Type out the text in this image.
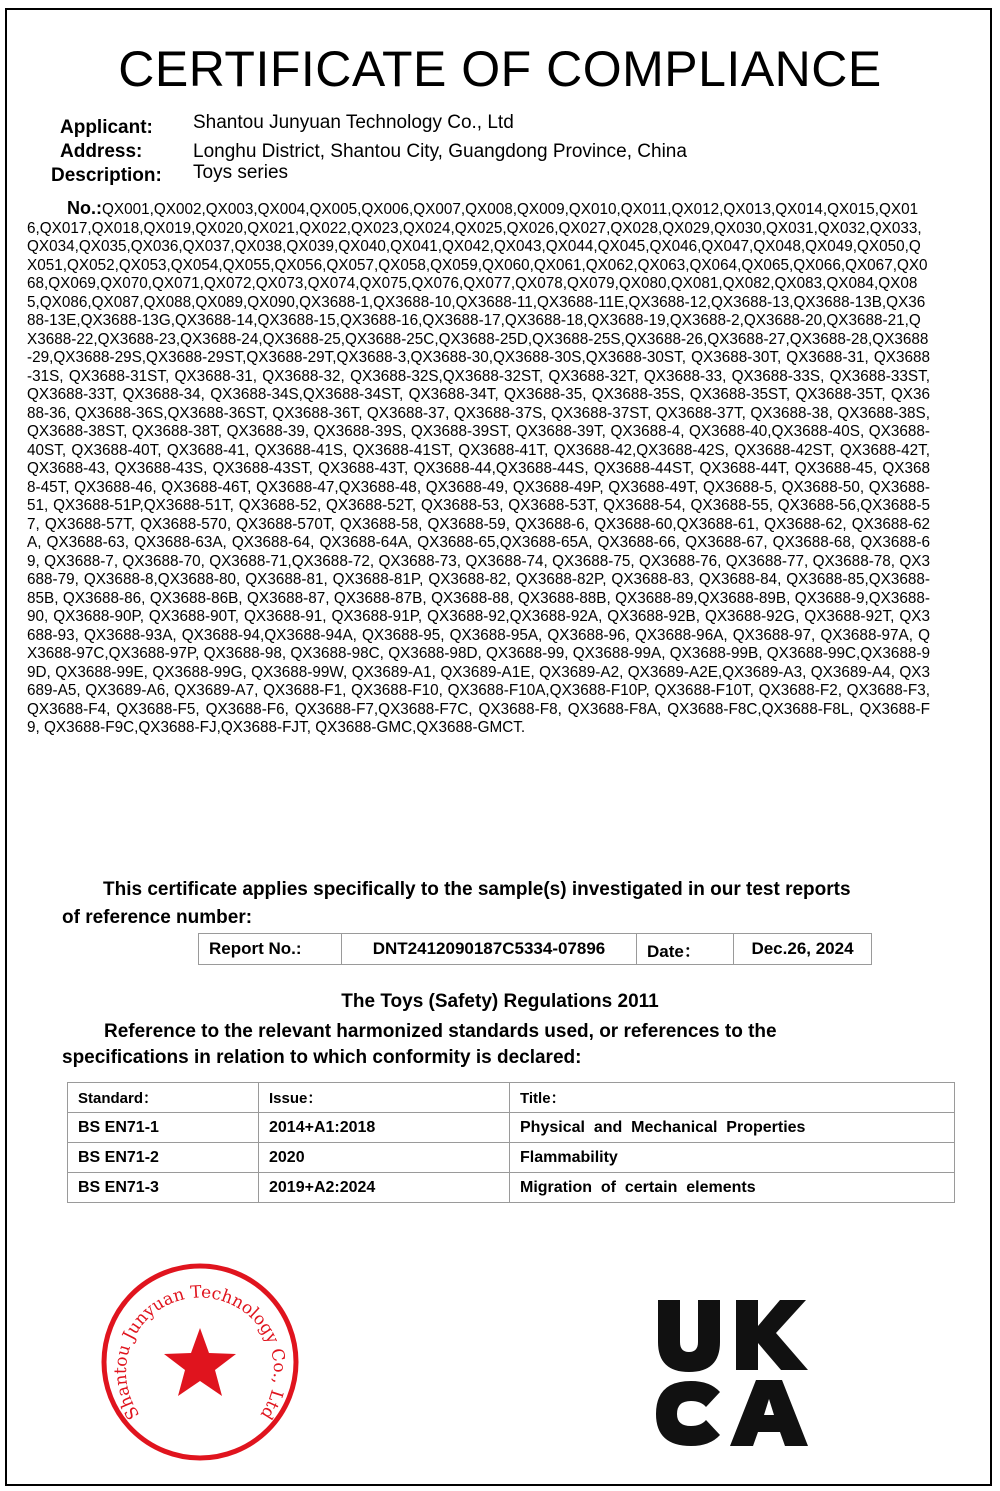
CERTIFICATE OF COMPLIANCE
Applicant: Shantou Junyuan Technology Co., Ltd
Address:	Longhu District, Shantou City, Guangdong Province, China
Description: Toys series
No.:QX001,QX002,QX003,QX004,QX005,QX006,QX007,QX008,QX009,QX010,QX011,QX012,QX013,QX014,QX015,QX016,QX017,QX018,QX019,QX020,QX021,QX022,QX023,QX024,QX025,QX026,QX027,QX028,QX029,QX030,QX031,QX032,QX033,QX034,QX035,QX036,QX037,QX038,QX039,QX040,QX041,QX042,QX043,QX044,QX045,QX046,QX047,QX048,QX049,QX050,QX051,QX052,QX053,QX054,QX055,QX056,QX057,QX058,QX059,QX060,QX061,QX062,QX063,QX064,QX065,QX066,QX067,QX068,QX069,QX070,QX071,QX072,QX073,QX074,QX075,QX076,QX077,QX078,QX079,QX080,QX081,QX082,QX083,QX084,QX085,QX086,QX087,QX088,QX089,QX090,QX3688-1,QX3688-10,QX3688-11,QX3688-11E,QX3688-12,QX3688-13,QX3688-13B,QX3688-13E,QX3688-13G,QX3688-14,QX3688-15,QX3688-16,QX3688-17,QX3688-18,QX3688-19,QX3688-2,QX3688-20,QX3688-21,QX3688-22,QX3688-23,QX3688-24,QX3688-25,QX3688-25C,QX3688-25D,QX3688-25S,QX3688-26,QX3688-27,QX3688-28,QX3688-29,QX3688-29S,QX3688-29ST,QX3688-29T,QX3688-3,QX3688-30,QX3688-30S,QX3688-30ST, QX3688-30T, QX3688-31, QX3688-31S, QX3688-31ST, QX3688-31, QX3688-32, QX3688-32S,QX3688-32ST, QX3688-32T, QX3688-33, QX3688-33S, QX3688-33ST, QX3688-33T, QX3688-34, QX3688-34S,QX3688-34ST, QX3688-34T, QX3688-35, QX3688-35S, QX3688-35ST, QX3688-35T, QX3688-36, QX3688-36S,QX3688-36ST, QX3688-36T, QX3688-37, QX3688-37S, QX3688-37ST, QX3688-37T, QX3688-38, QX3688-38S,QX3688-38ST, QX3688-38T, QX3688-39, QX3688-39S, QX3688-39ST, QX3688-39T, QX3688-4, QX3688-40,QX3688-40S, QX3688-40ST, QX3688-40T, QX3688-41, QX3688-41S, QX3688-41ST, QX3688-41T, QX3688-42,QX3688-42S, QX3688-42ST, QX3688-42T, QX3688-43, QX3688-43S, QX3688-43ST, QX3688-43T, QX3688-44,QX3688-44S, QX3688-44ST, QX3688-44T, QX3688-45, QX3688-45T, QX3688-46, QX3688-46T, QX3688-47,QX3688-48, QX3688-49, QX3688-49P, QX3688-49T, QX3688-5, QX3688-50, QX3688-51, QX3688-51P,QX3688-51T, QX3688-52, QX3688-52T, QX3688-53, QX3688-53T, QX3688-54, QX3688-55, QX3688-56,QX3688-57, QX3688-57T, QX3688-570, QX3688-570T, QX3688-58, QX3688-59, QX3688-6, QX3688-60,QX3688-61, QX3688-62, QX3688-62A, QX3688-63, QX3688-63A, QX3688-64, QX3688-64A, QX3688-65,QX3688-65A, QX3688-66, QX3688-67, QX3688-68, QX3688-69, QX3688-7, QX3688-70, QX3688-71,QX3688-72, QX3688-73, QX3688-74, QX3688-75, QX3688-76, QX3688-77, QX3688-78, QX3688-79, QX3688-8,QX3688-80, QX3688-81, QX3688-81P, QX3688-82, QX3688-82P, QX3688-83, QX3688-84, QX3688-85,QX3688-85B, QX3688-86, QX3688-86B, QX3688-87, QX3688-87B, QX3688-88, QX3688-88B, QX3688-89,QX3688-89B, QX3688-9,QX3688-90, QX3688-90P, QX3688-90T, QX3688-91, QX3688-91P, QX3688-92,QX3688-92A, QX3688-92B, QX3688-92G, QX3688-92T, QX3688-93, QX3688-93A, QX3688-94,QX3688-94A, QX3688-95, QX3688-95A, QX3688-96, QX3688-96A, QX3688-97, QX3688-97A, QX3688-97C,QX3688-97P, QX3688-98, QX3688-98C, QX3688-98D, QX3688-99, QX3688-99A, QX3688-99B, QX3688-99C,QX3688-99D, QX3688-99E, QX3688-99G, QX3688-99W, QX3689-A1, QX3689-A1E, QX3689-A2, QX3689-A2E,QX3689-A3, QX3689-A4, QX3689-A5, QX3689-A6, QX3689-A7, QX3688-F1, QX3688-F10, QX3688-F10A,QX3688-F10P, QX3688-F10T, QX3688-F2, QX3688-F3, QX3688-F4, QX3688-F5, QX3688-F6, QX3688-F7,QX3688-F7C, QX3688-F8, QX3688-F8A, QX3688-F8C,QX3688-F8L, QX3688-F9, QX3688-F9C,QX3688-FJ,QX3688-FJT, QX3688-GMC,QX3688-GMCT.
This certificate applies specifically to the sample(s) investigated in our test reports
of reference number:
Report No.:	DNT2412090187C5334-07896	Date：	Dec.26, 2024
The Toys (Safety) Regulations 2011
Reference to the relevant harmonized standards used, or references to the
specifications in relation to which conformity is declared:
Standard：	Issue：	Title：
BS EN71-1	2014+A1:2018	Physical  and  Mechanical  Properties
BS EN71-2	2020	Flammability
BS EN71-3	2019+A2:2024	Migration  of  certain  elements
Shantou Junyuan Technology Co., Ltd
